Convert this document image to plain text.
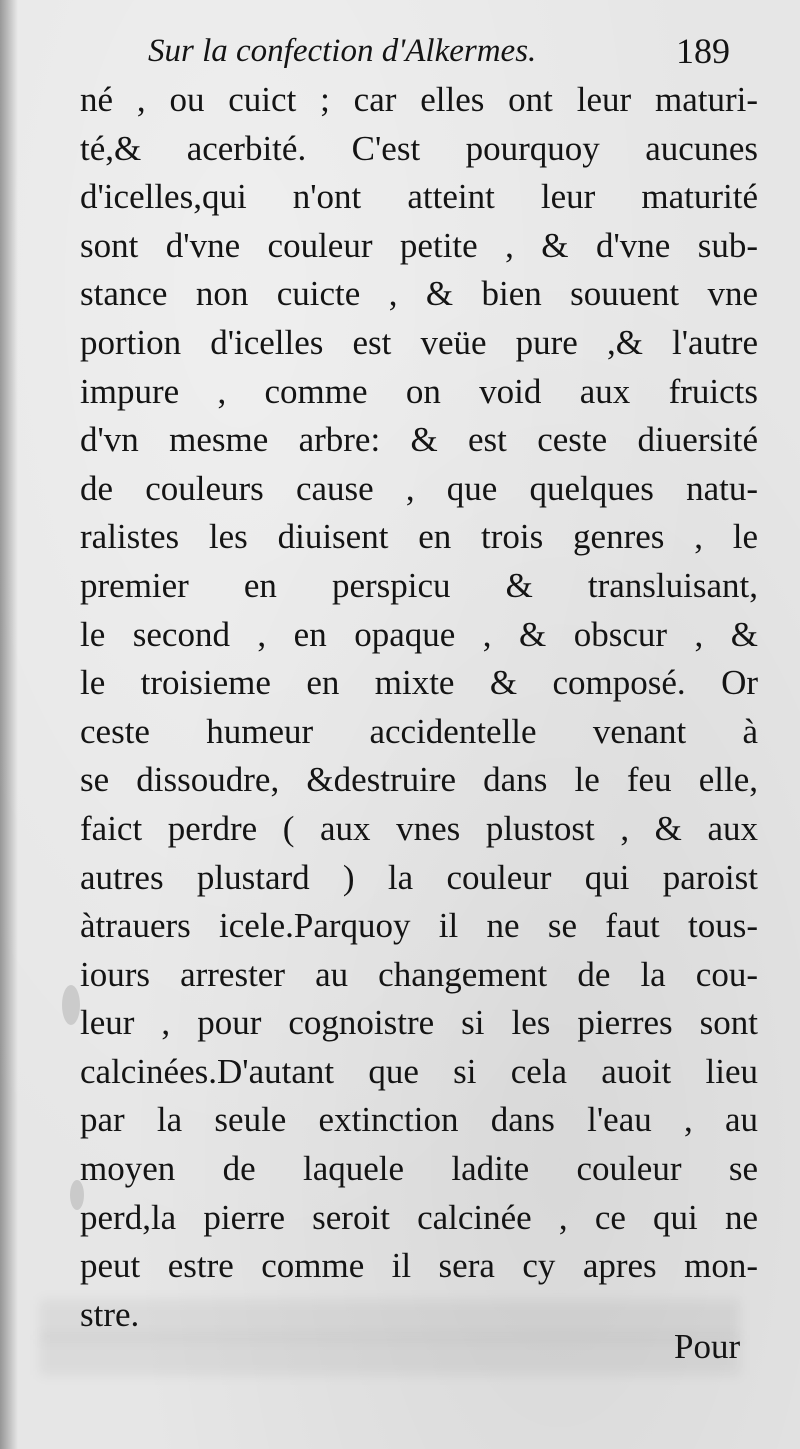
Sur la confection d'Alkermes.	189
né , ou cuict ; car elles ont leur maturi-
té,& acerbité. C'est pourquoy aucunes
d'icelles,qui n'ont atteint leur maturité
sont d'vne couleur petite , & d'vne sub-
stance non cuicte , & bien souuent vne
portion d'icelles est veüe pure ,& l'autre
impure , comme on void aux fruicts
d'vn mesme arbre: & est ceste diuersité
de couleurs cause , que quelques natu-
ralistes les diuisent en trois genres , le
premier en perspicu & transluisant,
le second , en opaque , & obscur , &
le troisieme en mixte & composé. Or
ceste humeur accidentelle venant à
se dissoudre, &destruire dans le feu elle,
faict perdre ( aux vnes plustost , & aux
autres plustard ) la couleur qui paroist
àtrauers icele.Parquoy il ne se faut tous-
iours arrester au changement de la cou-
leur , pour cognoistre si les pierres sont
calcinées.D'autant que si cela auoit lieu
par la seule extinction dans l'eau , au
moyen de laquele ladite couleur se
perd,la pierre seroit calcinée , ce qui ne
peut estre comme il sera cy apres mon-
stre.
Pour
